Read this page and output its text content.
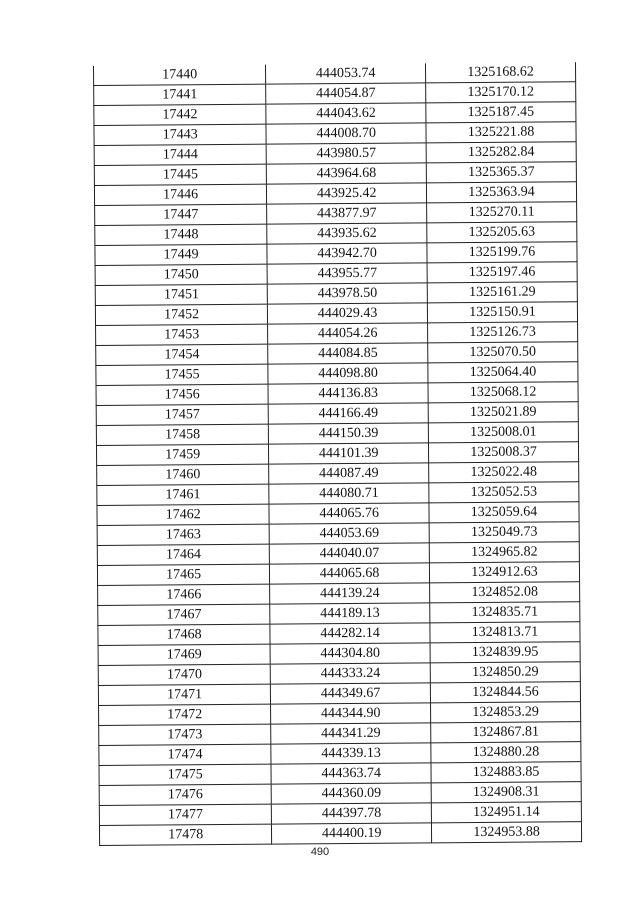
17440	444053.74	1325168.62
17441	444054.87	1325170.12
17442	444043.62	1325187.45
17443	444008.70	1325221.88
17444	443980.57	1325282.84
17445	443964.68	1325365.37
17446	443925.42	1325363.94
17447	443877.97	1325270.11
17448	443935.62	1325205.63
17449	443942.70	1325199.76
17450	443955.77	1325197.46
17451	443978.50	1325161.29
17452	444029.43	1325150.91
17453	444054.26	1325126.73
17454	444084.85	1325070.50
17455	444098.80	1325064.40
17456	444136.83	1325068.12
17457	444166.49	1325021.89
17458	444150.39	1325008.01
17459	444101.39	1325008.37
17460	444087.49	1325022.48
17461	444080.71	1325052.53
17462	444065.76	1325059.64
17463	444053.69	1325049.73
17464	444040.07	1324965.82
17465	444065.68	1324912.63
17466	444139.24	1324852.08
17467	444189.13	1324835.71
17468	444282.14	1324813.71
17469	444304.80	1324839.95
17470	444333.24	1324850.29
17471	444349.67	1324844.56
17472	444344.90	1324853.29
17473	444341.29	1324867.81
17474	444339.13	1324880.28
17475	444363.74	1324883.85
17476	444360.09	1324908.31
17477	444397.78	1324951.14
17478	444400.19	1324953.88
490
